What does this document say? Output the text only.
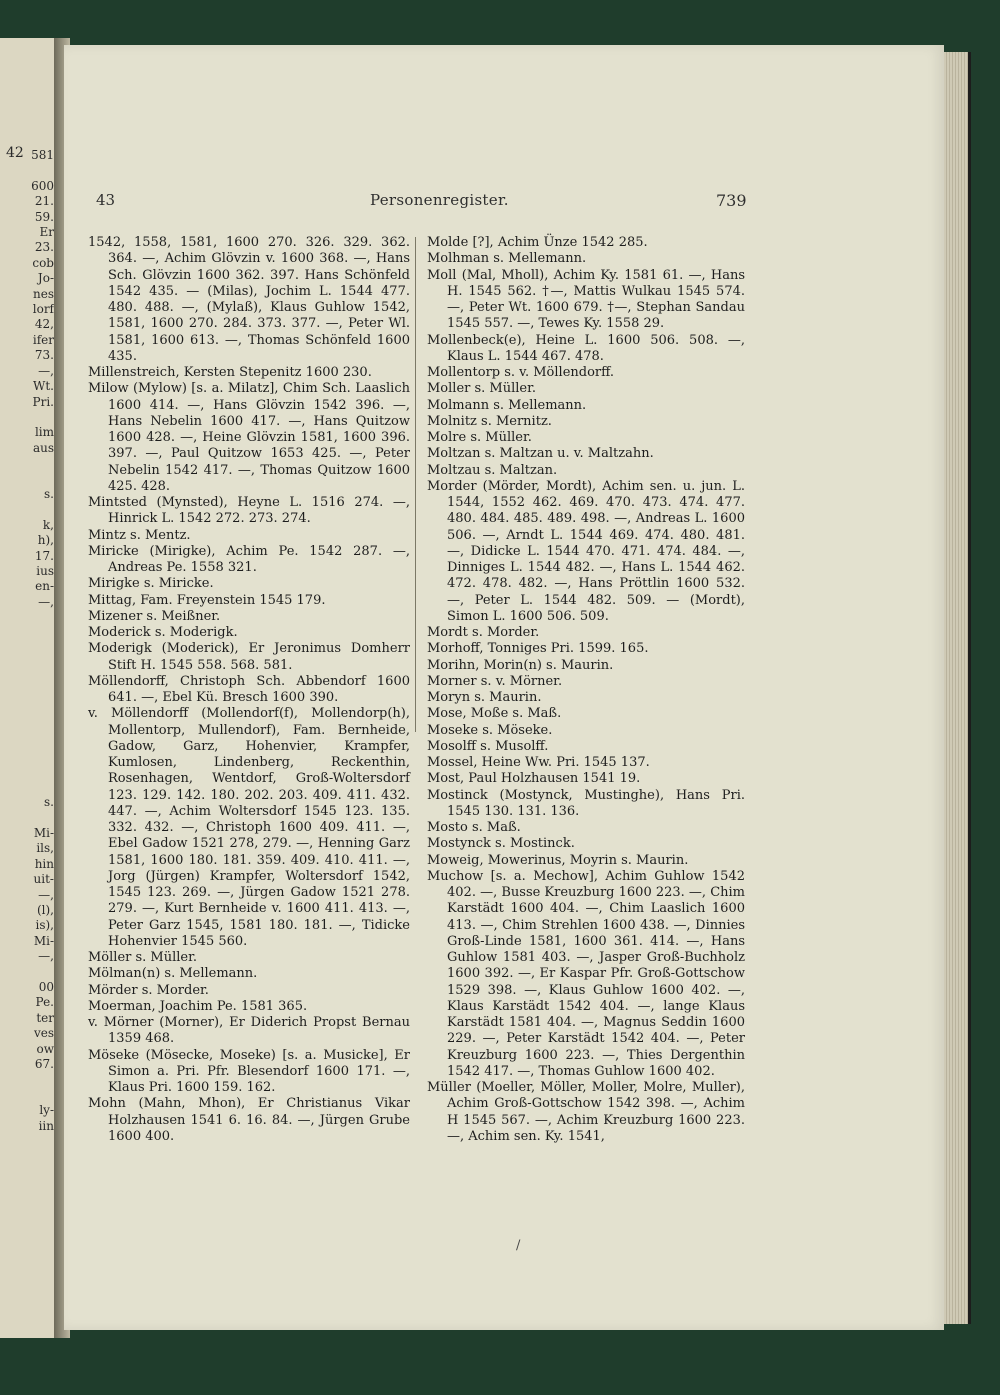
42 581

600
21.
59.
Er
23.
cob
Jo-
nes
lorf
42,
ifer
73.
—,
Wt.
Pri.

lim
aus

s.

k,
h),
17.
ius
en-
—,

s.

Mi-
ils,
hin
uit-
—,
(l),
is),
Mi-
—,

00
Pe.
ter
ves
ow
67.

ly-
iin
43	Personenregister.	739
1542, 1558, 1581, 1600 270. 326. 329. 362. 364. —, Achim Glövzin v. 1600 368. —, Hans Sch. Glövzin 1600 362. 397. Hans Schönfeld 1542 435. — (Milas), Jochim L. 1544 477. 480. 488. —, (Mylaß), Klaus Guhlow 1542, 1581, 1600 270. 284. 373. 377. —, Peter Wl. 1581, 1600 613. —, Thomas Schönfeld 1600 435.
Millenstreich, Kersten Stepenitz 1600 230.
Milow (Mylow) [s. a. Milatz], Chim Sch. Laaslich 1600 414. —, Hans Glövzin 1542 396. —, Hans Nebelin 1600 417. —, Hans Quitzow 1600 428. —, Heine Glövzin 1581, 1600 396. 397. —, Paul Quitzow 1653 425. —, Peter Nebelin 1542 417. —, Thomas Quitzow 1600 425. 428.
Mintsted (Mynsted), Heyne L. 1516 274. —, Hinrick L. 1542 272. 273. 274.
Mintz s. Mentz.
Miricke (Mirigke), Achim Pe. 1542 287. —, Andreas Pe. 1558 321.
Mirigke s. Miricke.
Mittag, Fam. Freyenstein 1545 179.
Mizener s. Meißner.
Moderick s. Moderigk.
Moderigk (Moderick), Er Jeronimus Domherr Stift H. 1545 558. 568. 581.
Möllendorff, Christoph Sch. Abbendorf 1600 641. —, Ebel Kü. Bresch 1600 390.
v. Möllendorff (Mollendorf(f), Mollendorp(h), Mollentorp, Mullendorf), Fam. Bernheide, Gadow, Garz, Hohenvier, Krampfer, Kumlosen, Lindenberg, Reckenthin, Rosenhagen, Wentdorf, Groß-Woltersdorf 123. 129. 142. 180. 202. 203. 409. 411. 432. 447. —, Achim Woltersdorf 1545 123. 135. 332. 432. —, Christoph 1600 409. 411. —, Ebel Gadow 1521 278, 279. —, Henning Garz 1581, 1600 180. 181. 359. 409. 410. 411. —, Jorg (Jürgen) Krampfer, Woltersdorf 1542, 1545 123. 269. —, Jürgen Gadow 1521 278. 279. —, Kurt Bernheide v. 1600 411. 413. —, Peter Garz 1545, 1581 180. 181. —, Tidicke Hohenvier 1545 560.
Möller s. Müller.
Mölman(n) s. Mellemann.
Mörder s. Morder.
Moerman, Joachim Pe. 1581 365.
v. Mörner (Morner), Er Diderich Propst Bernau 1359 468.
Möseke (Mösecke, Moseke) [s. a. Musicke], Er Simon a. Pri. Pfr. Blesendorf 1600 171. —, Klaus Pri. 1600 159. 162.
Mohn (Mahn, Mhon), Er Christianus Vikar Holzhausen 1541 6. 16. 84. —, Jürgen Grube 1600 400.
Molde [?], Achim Ünze 1542 285.
Molhman s. Mellemann.
Moll (Mal, Mholl), Achim Ky. 1581 61. —, Hans H. 1545 562. †—, Mattis Wulkau 1545 574. —, Peter Wt. 1600 679. †—, Stephan Sandau 1545 557. —, Tewes Ky. 1558 29.
Mollenbeck(e), Heine L. 1600 506. 508. —, Klaus L. 1544 467. 478.
Mollentorp s. v. Möllendorff.
Moller s. Müller.
Molmann s. Mellemann.
Molnitz s. Mernitz.
Molre s. Müller.
Moltzan s. Maltzan u. v. Maltzahn.
Moltzau s. Maltzan.
Morder (Mörder, Mordt), Achim sen. u. jun. L. 1544, 1552 462. 469. 470. 473. 474. 477. 480. 484. 485. 489. 498. —, Andreas L. 1600 506. —, Arndt L. 1544 469. 474. 480. 481. —, Didicke L. 1544 470. 471. 474. 484. —, Dinniges L. 1544 482. —, Hans L. 1544 462. 472. 478. 482. —, Hans Pröttlin 1600 532. —, Peter L. 1544 482. 509. — (Mordt), Simon L. 1600 506. 509.
Mordt s. Morder.
Morhoff, Tonniges Pri. 1599. 165.
Morihn, Morin(n) s. Maurin.
Morner s. v. Mörner.
Moryn s. Maurin.
Mose, Moße s. Maß.
Moseke s. Möseke.
Mosolff s. Musolff.
Mossel, Heine Ww. Pri. 1545 137.
Most, Paul Holzhausen 1541 19.
Mostinck (Mostynck, Mustinghe), Hans Pri. 1545 130. 131. 136.
Mosto s. Maß.
Mostynck s. Mostinck.
Moweig, Mowerinus, Moyrin s. Maurin.
Muchow [s. a. Mechow], Achim Guhlow 1542 402. —, Busse Kreuzburg 1600 223. —, Chim Karstädt 1600 404. —, Chim Laaslich 1600 413. —, Chim Strehlen 1600 438. —, Dinnies Groß-Linde 1581, 1600 361. 414. —, Hans Guhlow 1581 403. —, Jasper Groß-Buchholz 1600 392. —, Er Kaspar Pfr. Groß-Gottschow 1529 398. —, Klaus Guhlow 1600 402. —, Klaus Karstädt 1542 404. —, lange Klaus Karstädt 1581 404. —, Magnus Seddin 1600 229. —, Peter Karstädt 1542 404. —, Peter Kreuzburg 1600 223. —, Thies Dergenthin 1542 417. —, Thomas Guhlow 1600 402.
Müller (Moeller, Möller, Moller, Molre, Muller), Achim Groß-Gottschow 1542 398. —, Achim H 1545 567. —, Achim Kreuzburg 1600 223. —, Achim sen. Ky. 1541,
/
